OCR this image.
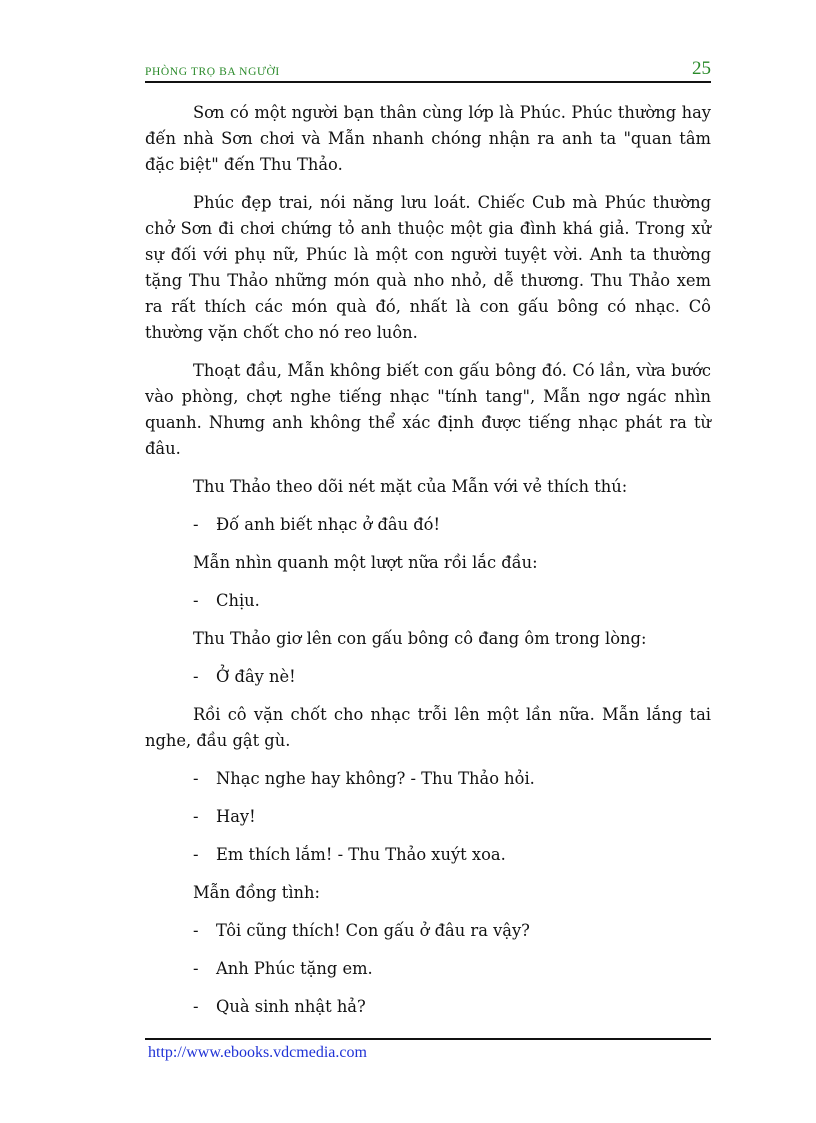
PHÒNG TRỌ BA NGƯỜI	25

Sơn có một người bạn thân cùng lớp là Phúc. Phúc thường hay đến nhà Sơn chơi và Mẫn nhanh chóng nhận ra anh ta "quan tâm đặc biệt" đến Thu Thảo.

Phúc đẹp trai, nói năng lưu loát. Chiếc Cub mà Phúc thường chở Sơn đi chơi chứng tỏ anh thuộc một gia đình khá giả. Trong xử sự đối với phụ nữ, Phúc là một con người tuyệt vời. Anh ta thường tặng Thu Thảo những món quà nho nhỏ, dễ thương. Thu Thảo xem ra rất thích các món quà đó, nhất là con gấu bông có nhạc. Cô thường vặn chốt cho nó reo luôn.

Thoạt đầu, Mẫn không biết con gấu bông đó. Có lần, vừa bước vào phòng, chợt nghe tiếng nhạc "tính tang", Mẫn ngơ ngác nhìn quanh. Nhưng anh không thể xác định được tiếng nhạc phát ra từ đâu.

Thu Thảo theo dõi nét mặt của Mẫn với vẻ thích thú:

-	Đố anh biết nhạc ở đâu đó!

Mẫn nhìn quanh một lượt nữa rồi lắc đầu:

-	Chịu.

Thu Thảo giơ lên con gấu bông cô đang ôm trong lòng:

-	Ở đây nè!

Rồi cô vặn chốt cho nhạc trỗi lên một lần nữa. Mẫn lắng tai nghe, đầu gật gù.

-	Nhạc nghe hay không? - Thu Thảo hỏi.
-	Hay!
-	Em thích lắm! - Thu Thảo xuýt xoa.

Mẫn đồng tình:

-	Tôi cũng thích! Con gấu ở đâu ra vậy?
-	Anh Phúc tặng em.
-	Quà sinh nhật hả?
http://www.ebooks.vdcmedia.com
